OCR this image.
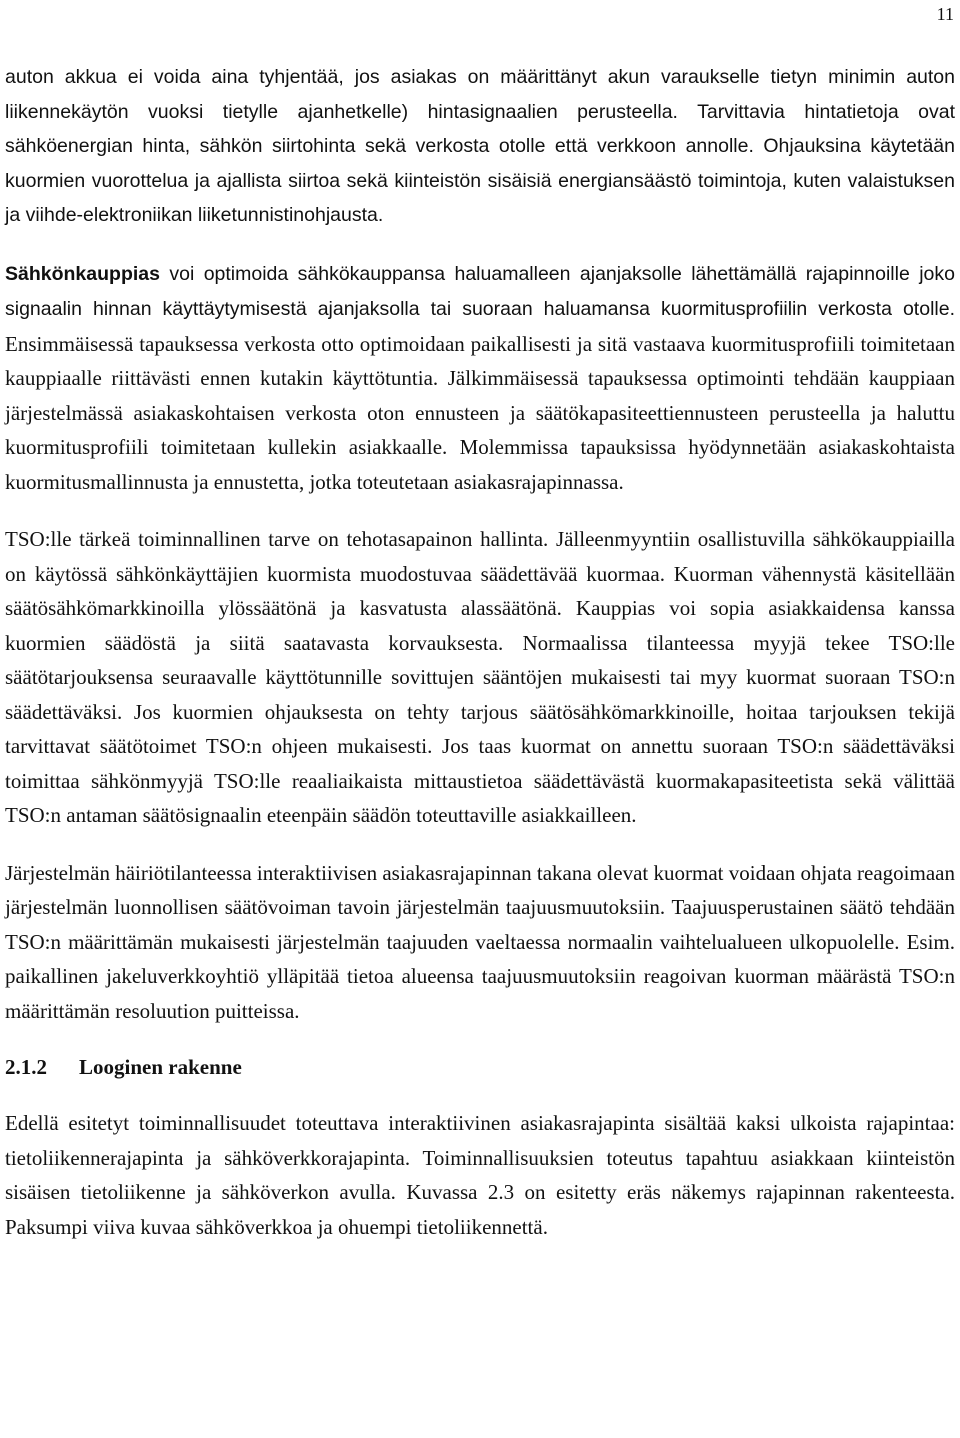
11

auton akkua ei voida aina tyhjentää, jos asiakas on määrittänyt akun varaukselle tietyn minimin auton liikennekäytön vuoksi tietylle ajanhetkelle) hintasignaalien perusteella. Tarvittavia hintatietoja ovat sähköenergian hinta, sähkön siirtohinta sekä verkosta otolle että verkkoon annolle. Ohjauksina käytetään kuormien vuorottelua ja ajallista siirtoa sekä kiinteistön sisäisiä energiansäästö toimintoja, kuten valaistuksen ja viihde-elektroniikan liiketunnistinohjausta.

Sähkönkauppias voi optimoida sähkökauppansa haluamalleen ajanjaksolle lähettämällä rajapinnoille joko signaalin hinnan käyttäytymisestä ajanjaksolla tai suoraan haluamansa kuormitusprofiilin verkosta otolle. Ensimmäisessä tapauksessa verkosta otto optimoidaan paikallisesti ja sitä vastaava kuormitusprofiili toimitetaan kauppiaalle riittävästi ennen kutakin käyttötuntia. Jälkimmäisessä tapauksessa optimointi tehdään kauppiaan järjestelmässä asiakaskohtaisen verkosta oton ennusteen ja säätökapasiteettiennusteen perusteella ja haluttu kuormitusprofiili toimitetaan kullekin asiakkaalle. Molemmissa tapauksissa hyödynnetään asiakaskohtaista kuormitusmallinnusta ja ennustetta, jotka toteutetaan asiakasrajapinnassa.

TSO:lle tärkeä toiminnallinen tarve on tehotasapainon hallinta. Jälleenmyyntiin osallistuvilla sähkökauppiailla on käytössä sähkönkäyttäjien kuormista muodostuvaa säädettävää kuormaa. Kuorman vähennystä käsitellään säätösähkömarkkinoilla ylössäätönä ja kasvatusta alassäätönä. Kauppias voi sopia asiakkaidensa kanssa kuormien säädöstä ja siitä saatavasta korvauksesta. Normaalissa tilanteessa myyjä tekee TSO:lle säätötarjouksensa seuraavalle käyttötunnille sovittujen sääntöjen mukaisesti tai myy kuormat suoraan TSO:n säädettäväksi. Jos kuormien ohjauksesta on tehty tarjous säätösähkömarkkinoille, hoitaa tarjouksen tekijä tarvittavat säätötoimet TSO:n ohjeen mukaisesti. Jos taas kuormat on annettu suoraan TSO:n säädettäväksi toimittaa sähkönmyyjä TSO:lle reaaliaikaista mittaustietoa säädettävästä kuormakapasiteetista sekä välittää TSO:n antaman säätösignaalin eteenpäin säädön toteuttaville asiakkailleen.

Järjestelmän häiriötilanteessa interaktiivisen asiakasrajapinnan takana olevat kuormat voidaan ohjata reagoimaan järjestelmän luonnollisen säätövoiman tavoin järjestelmän taajuusmuutoksiin. Taajuusperustainen säätö tehdään TSO:n määrittämän mukaisesti järjestelmän taajuuden vaeltaessa normaalin vaihtelualueen ulkopuolelle. Esim. paikallinen jakeluverkkoyhtiö ylläpitää tietoa alueensa taajuusmuutoksiin reagoivan kuorman määrästä TSO:n määrittämän resoluution puitteissa.

2.1.2 Looginen rakenne

Edellä esitetyt toiminnallisuudet toteuttava interaktiivinen asiakasrajapinta sisältää kaksi ulkoista rajapintaa: tietoliikennerajapinta ja sähköverkkorajapinta. Toiminnallisuuksien toteutus tapahtuu asiakkaan kiinteistön sisäisen tietoliikenne ja sähköverkon avulla. Kuvassa 2.3 on esitetty eräs näkemys rajapinnan rakenteesta. Paksumpi viiva kuvaa sähköverkkoa ja ohuempi tietoliikennettä.
